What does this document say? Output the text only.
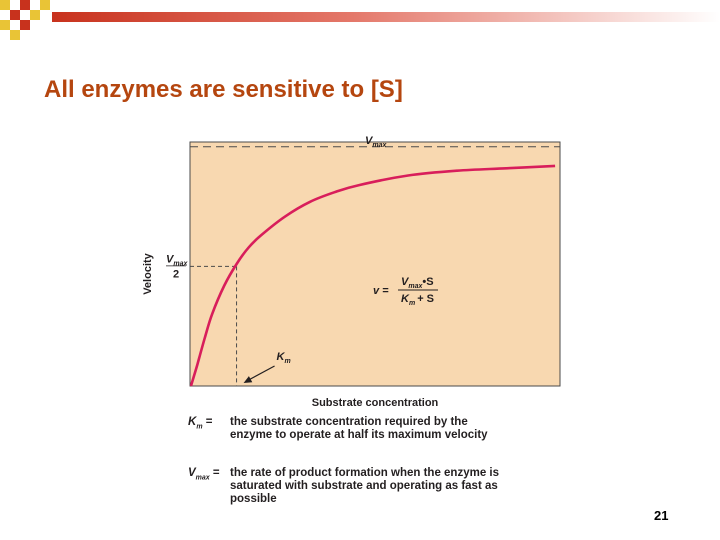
All enzymes are sensitive to [S]
$V_{max}$
$V_{max}$
2
$K_m$
v =
$V_{max}•S$
$K_m + S$
Velocity
Substrate concentration
$K_m$ = the substrate concentration required by the enzyme to operate at half its maximum velocity
$V_{max}$ = the rate of product formation when the enzyme is saturated with substrate and operating as fast as possible
21
